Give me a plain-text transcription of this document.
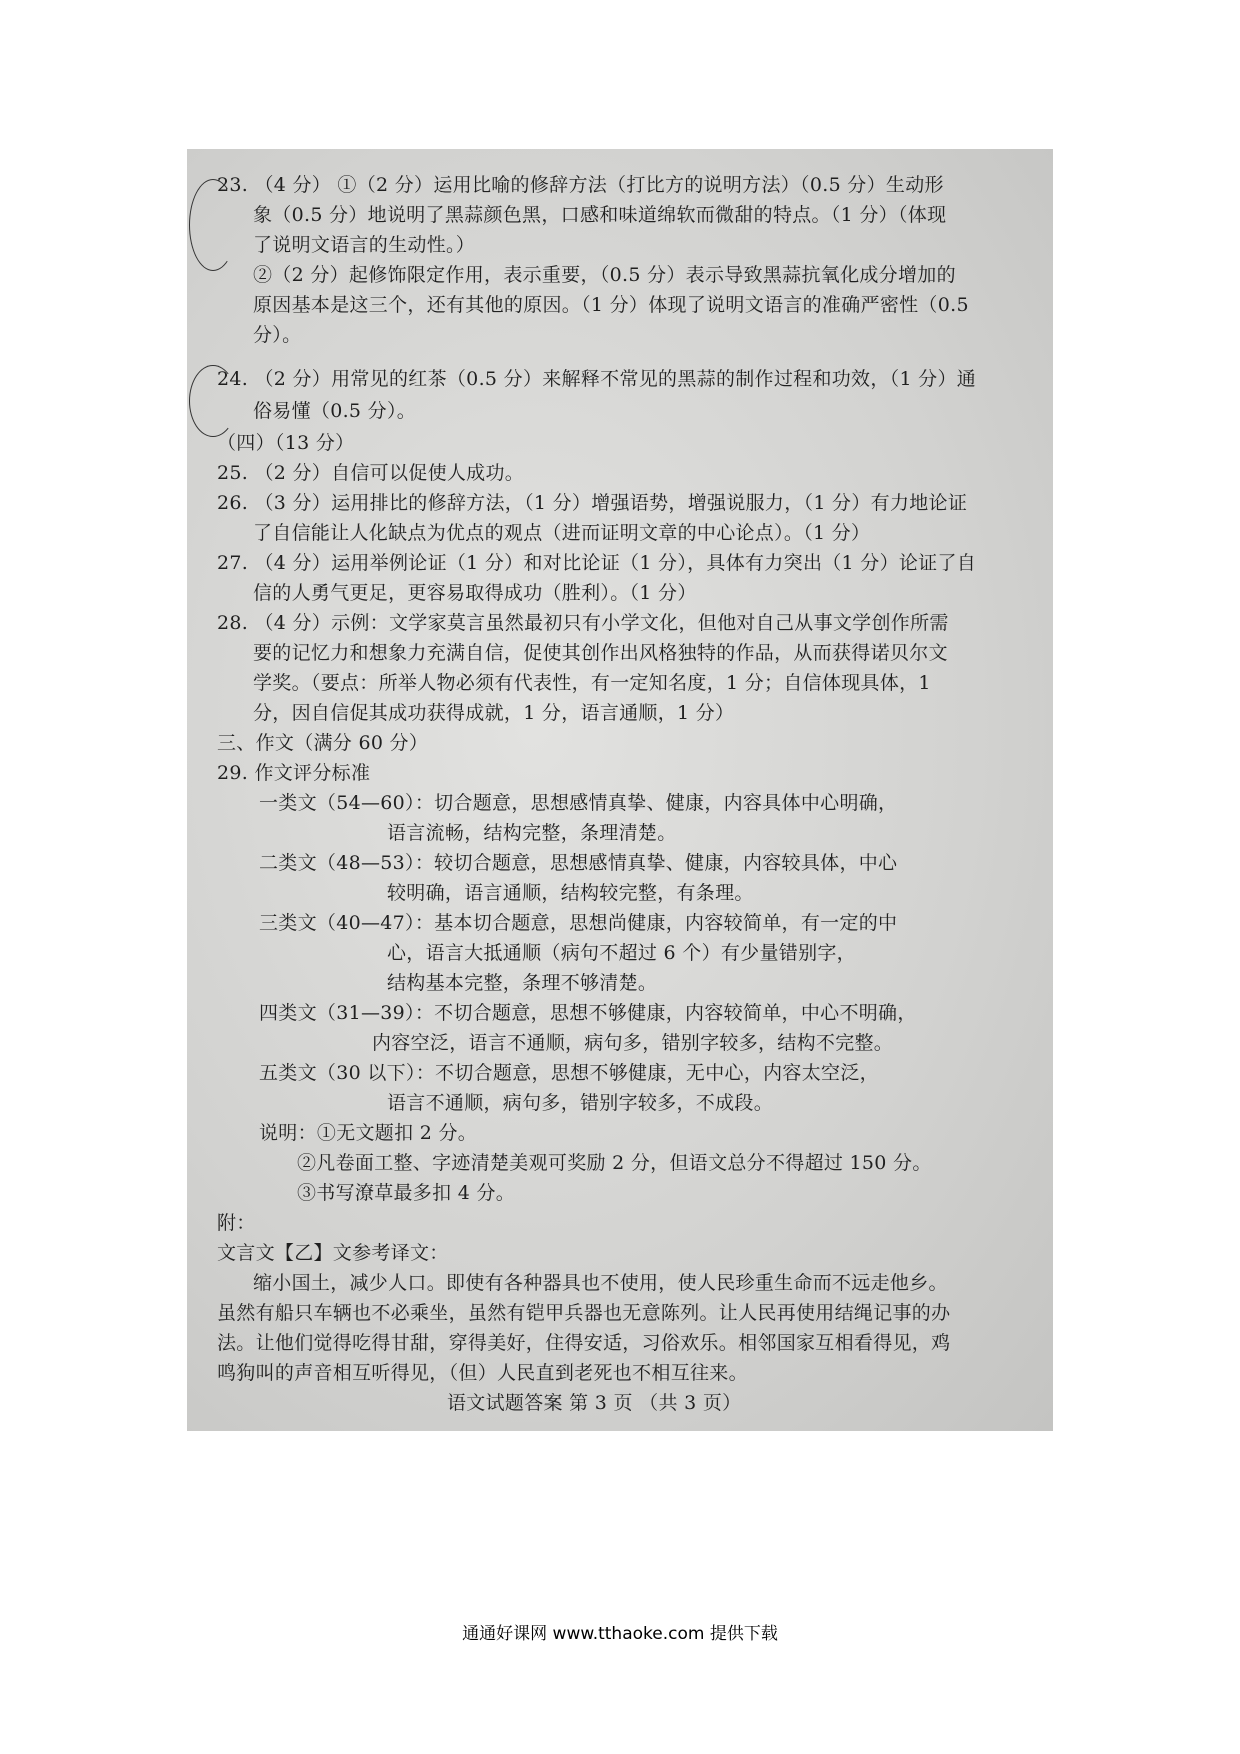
23. （4 分） ①（2 分）运用比喻的修辞方法（打比方的说明方法）（0.5 分）生动形
象（0.5 分）地说明了黑蒜颜色黑，口感和味道绵软而微甜的特点。（1 分）（体现
了说明文语言的生动性。）
②（2 分）起修饰限定作用，表示重要，（0.5 分）表示导致黑蒜抗氧化成分增加的
原因基本是这三个，还有其他的原因。（1 分）体现了说明文语言的准确严密性（0.5
分）。
24. （2 分）用常见的红茶（0.5 分）来解释不常见的黑蒜的制作过程和功效，（1 分）通
俗易懂（0.5 分）。
（四）（13 分）
25. （2 分）自信可以促使人成功。
26. （3 分）运用排比的修辞方法，（1 分）增强语势，增强说服力，（1 分）有力地论证
了自信能让人化缺点为优点的观点（进而证明文章的中心论点）。（1 分）
27. （4 分）运用举例论证（1 分）和对比论证（1 分），具体有力突出（1 分）论证了自
信的人勇气更足，更容易取得成功（胜利）。（1 分）
28. （4 分）示例：文学家莫言虽然最初只有小学文化，但他对自己从事文学创作所需
要的记忆力和想象力充满自信，促使其创作出风格独特的作品，从而获得诺贝尔文
学奖。（要点：所举人物必须有代表性，有一定知名度，1 分；自信体现具体，1
分，因自信促其成功获得成就，1 分，语言通顺，1 分）
三、作文（满分 60 分）
29. 作文评分标准
一类文（54—60）：切合题意，思想感情真挚、健康，内容具体中心明确，
语言流畅，结构完整，条理清楚。
二类文（48—53）：较切合题意，思想感情真挚、健康，内容较具体，中心
较明确，语言通顺，结构较完整，有条理。
三类文（40—47）：基本切合题意，思想尚健康，内容较简单，有一定的中
心，语言大抵通顺（病句不超过 6 个）有少量错别字，
结构基本完整，条理不够清楚。
四类文（31—39）：不切合题意，思想不够健康，内容较简单，中心不明确，
内容空泛，语言不通顺，病句多，错别字较多，结构不完整。
五类文（30 以下）：不切合题意，思想不够健康，无中心，内容太空泛，
语言不通顺，病句多，错别字较多，不成段。
说明：①无文题扣 2 分。
②凡卷面工整、字迹清楚美观可奖励 2 分，但语文总分不得超过 150 分。
③书写潦草最多扣 4 分。
附：
文言文【乙】文参考译文：
缩小国土，减少人口。即使有各种器具也不使用，使人民珍重生命而不远走他乡。
虽然有船只车辆也不必乘坐，虽然有铠甲兵器也无意陈列。让人民再使用结绳记事的办
法。让他们觉得吃得甘甜，穿得美好，住得安适，习俗欢乐。相邻国家互相看得见，鸡
鸣狗叫的声音相互听得见，（但）人民直到老死也不相互往来。
语文试题答案 第 3 页 （共 3 页）
通通好课网 www.tthaoke.com 提供下载
